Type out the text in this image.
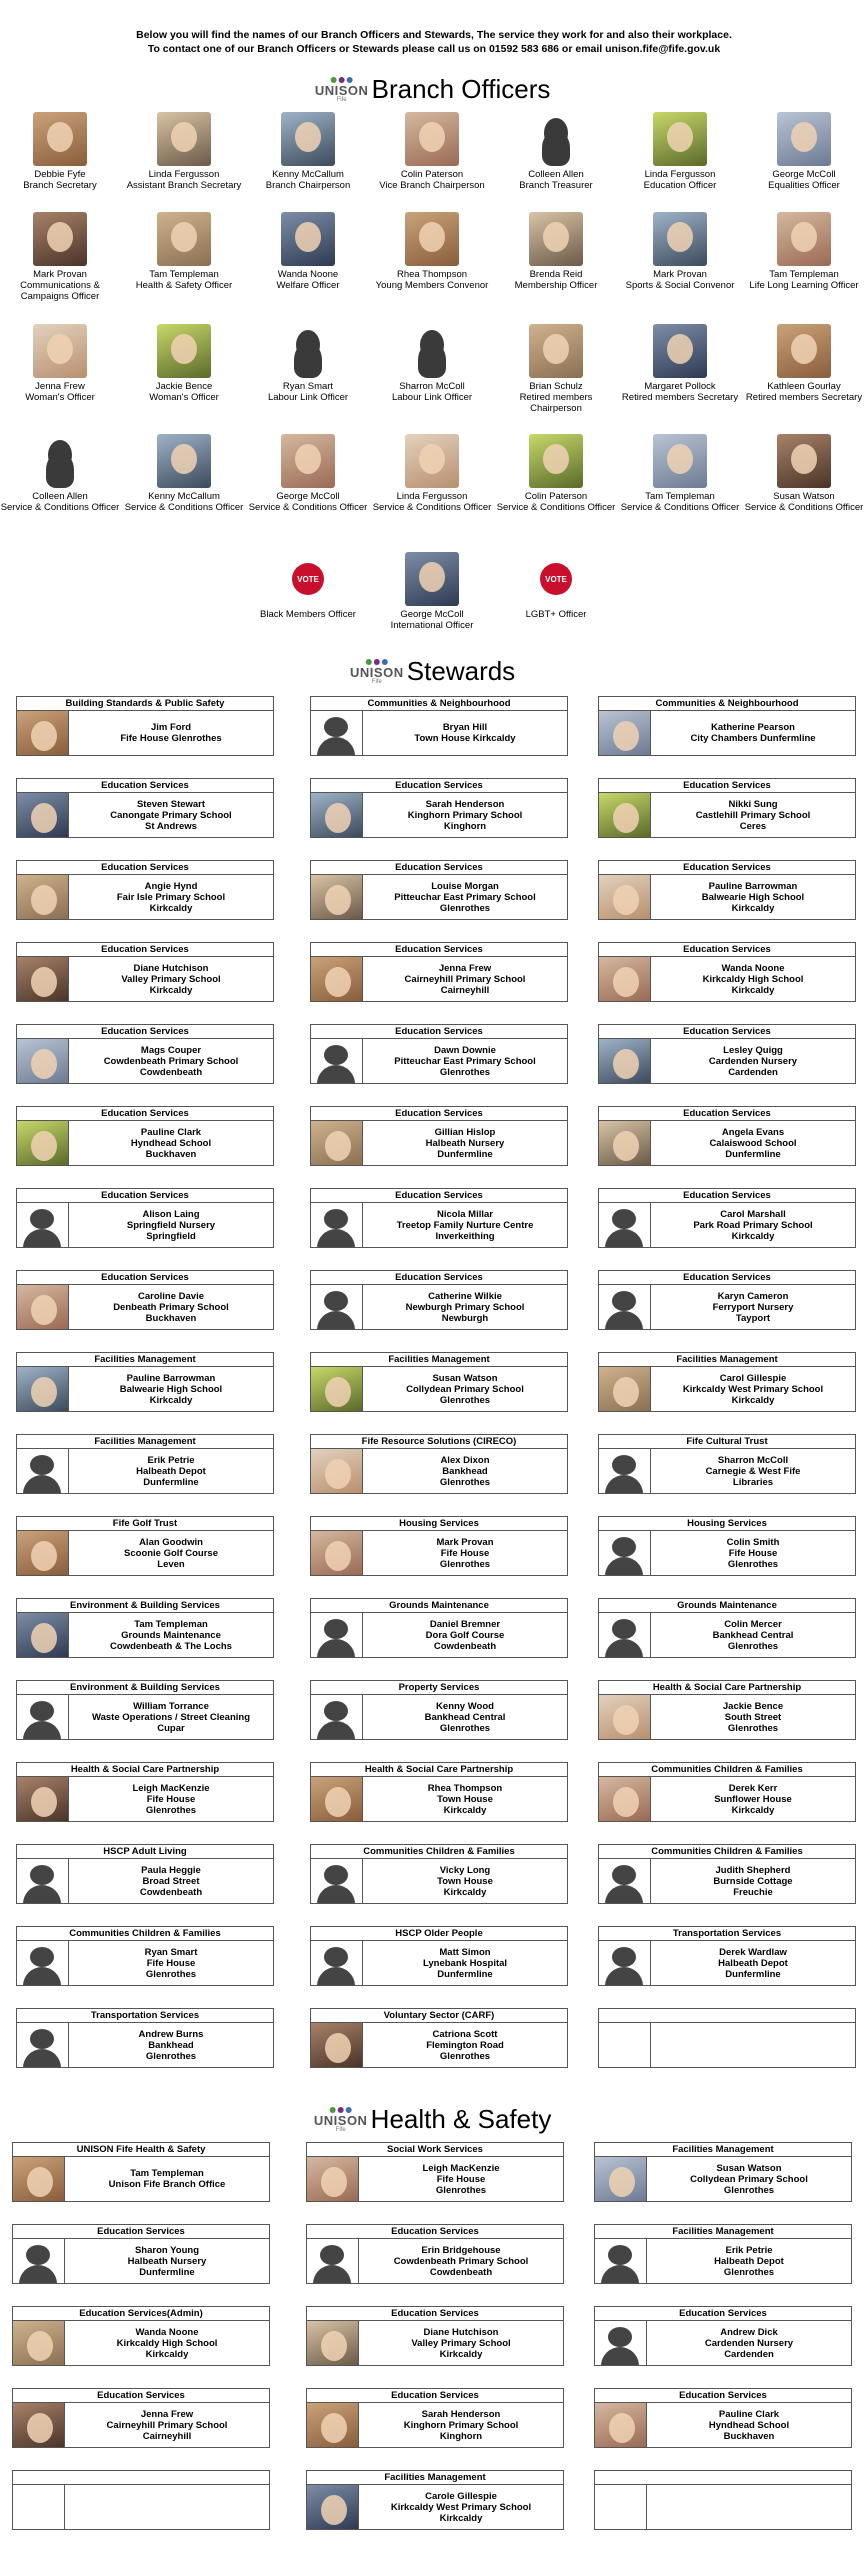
Below you will find the names of our Branch Officers and Stewards, The service they work for and also their workplace.
To contact one of our Branch Officers or Stewards please call us on 01592 583 686 or email unison.fife@fife.gov.uk
UNISON
Fife Branch Officers
Debbie Fyfe
Branch Secretary
Linda Fergusson
Assistant Branch Secretary
Kenny McCallum
Branch Chairperson
Colin Paterson
Vice Branch Chairperson
Colleen Allen
Branch Treasurer
Linda Fergusson
Education Officer
George McColl
Equalities Officer
Mark Provan
Communications & Campaigns Officer
Tam Templeman
Health & Safety Officer
Wanda Noone
Welfare Officer
Rhea Thompson
Young Members Convenor
Brenda Reid
Membership Officer
Mark Provan
Sports & Social Convenor
Tam Templeman
Life Long Learning Officer
Jenna Frew
Woman's Officer
Jackie Bence
Woman's Officer
Ryan Smart
Labour Link Officer
Sharron McColl
Labour Link Officer
Brian Schulz
Retired members Chairperson
Margaret Pollock
Retired members Secretary
Kathleen Gourlay
Retired members Secretary
Colleen Allen
Service & Conditions Officer
Kenny McCallum
Service & Conditions Officer
George McColl
Service & Conditions Officer
Linda Fergusson
Service & Conditions Officer
Colin Paterson
Service & Conditions Officer
Tam Templeman
Service & Conditions Officer
Susan Watson
Service & Conditions Officer
VOTE
Black Members Officer	George McColl
International Officer
VOTE
LGBT+ Officer
UNISON
Fife Stewards
Building Standards & Public Safety
Jim Ford
Fife House Glenrothes
Communities & Neighbourhood
Bryan Hill
Town House Kirkcaldy
Communities & Neighbourhood
Katherine Pearson
City Chambers Dunfermline
Education Services
Steven Stewart
Canongate Primary School
St Andrews
Education Services
Sarah Henderson
Kinghorn Primary School
Kinghorn
Education Services
Nikki Sung
Castlehill Primary School
Ceres
Education Services
Angie Hynd
Fair Isle Primary School
Kirkcaldy
Education Services
Louise Morgan
Pitteuchar East Primary School
Glenrothes
Education Services
Pauline Barrowman
Balwearie High School
Kirkcaldy
Education Services
Diane Hutchison
Valley Primary School
Kirkcaldy
Education Services
Jenna Frew
Cairneyhill Primary School
Cairneyhill
Education Services
Wanda Noone
Kirkcaldy High School
Kirkcaldy
Education Services
Mags Couper
Cowdenbeath Primary School
Cowdenbeath
Education Services
Dawn Downie
Pitteuchar East Primary School
Glenrothes
Education Services
Lesley Quigg
Cardenden Nursery
Cardenden
Education Services
Pauline Clark
Hyndhead School
Buckhaven
Education Services
Gillian Hislop
Halbeath Nursery
Dunfermline
Education Services
Angela Evans
Calaiswood School
Dunfermline
Education Services
Alison Laing
Springfield Nursery
Springfield
Education Services
Nicola Millar
Treetop Family Nurture Centre
Inverkeithing
Education Services
Carol Marshall
Park Road Primary School
Kirkcaldy
Education Services
Caroline Davie
Denbeath Primary School
Buckhaven
Education Services
Catherine Wilkie
Newburgh Primary School
Newburgh
Education Services
Karyn Cameron
Ferryport Nursery
Tayport
Facilities Management
Pauline Barrowman
Balwearie High School
Kirkcaldy
Facilities Management
Susan Watson
Collydean Primary School
Glenrothes
Facilities Management
Carol Gillespie
Kirkcaldy West Primary School
Kirkcaldy
Facilities Management
Erik Petrie
Halbeath Depot
Dunfermline
Fife Resource Solutions (CIRECO)
Alex Dixon
Bankhead
Glenrothes
Fife Cultural Trust
Sharron McColl
Carnegie & West Fife
Libraries
Fife Golf Trust
Alan Goodwin
Scoonie Golf Course
Leven
Housing Services
Mark Provan
Fife House
Glenrothes
Housing Services
Colin Smith
Fife House
Glenrothes
Environment & Building Services
Tam Templeman
Grounds Maintenance
Cowdenbeath & The Lochs
Grounds Maintenance
Daniel Bremner
Dora Golf Course
Cowdenbeath
Grounds Maintenance
Colin Mercer
Bankhead Central
Glenrothes
Environment & Building Services
William Torrance
Waste Operations / Street Cleaning
Cupar
Property Services
Kenny Wood
Bankhead Central
Glenrothes
Health & Social Care Partnership
Jackie Bence
South Street
Glenrothes
Health & Social Care Partnership
Leigh MacKenzie
Fife House
Glenrothes
Health & Social Care Partnership
Rhea Thompson
Town House
Kirkcaldy
Communities Children & Families
Derek Kerr
Sunflower House
Kirkcaldy
HSCP Adult Living
Paula Heggie
Broad Street
Cowdenbeath
Communities Children & Families
Vicky Long
Town House
Kirkcaldy
Communities Children & Families
Judith Shepherd
Burnside Cottage
Freuchie
Communities Children & Families
Ryan Smart
Fife House
Glenrothes
HSCP Older People
Matt Simon
Lynebank Hospital
Dunfermline
Transportation Services
Derek Wardlaw
Halbeath Depot
Dunfermline
Transportation Services
Andrew Burns
Bankhead
Glenrothes
Voluntary Sector (CARF)
Catriona Scott
Flemington Road
Glenrothes
UNISON
Fife Health & Safety
UNISON Fife Health & Safety
Tam Templeman
Unison Fife Branch Office
Social Work Services
Leigh MacKenzie
Fife House
Glenrothes
Facilities Management
Susan Watson
Collydean Primary School
Glenrothes
Education Services
Sharon Young
Halbeath Nursery
Dunfermline
Education Services
Erin Bridgehouse
Cowdenbeath Primary School
Cowdenbeath
Facilities Management
Erik Petrie
Halbeath Depot
Glenrothes
Education Services(Admin)
Wanda Noone
Kirkcaldy High School
Kirkcaldy
Education Services
Diane Hutchison
Valley Primary School
Kirkcaldy
Education Services
Andrew Dick
Cardenden Nursery
Cardenden
Education Services
Jenna Frew
Cairneyhill Primary School
Cairneyhill
Education Services
Sarah Henderson
Kinghorn Primary School
Kinghorn
Education Services
Pauline Clark
Hyndhead School
Buckhaven
Facilities Management
Carole Gillespie
Kirkcaldy West Primary School
Kirkcaldy
